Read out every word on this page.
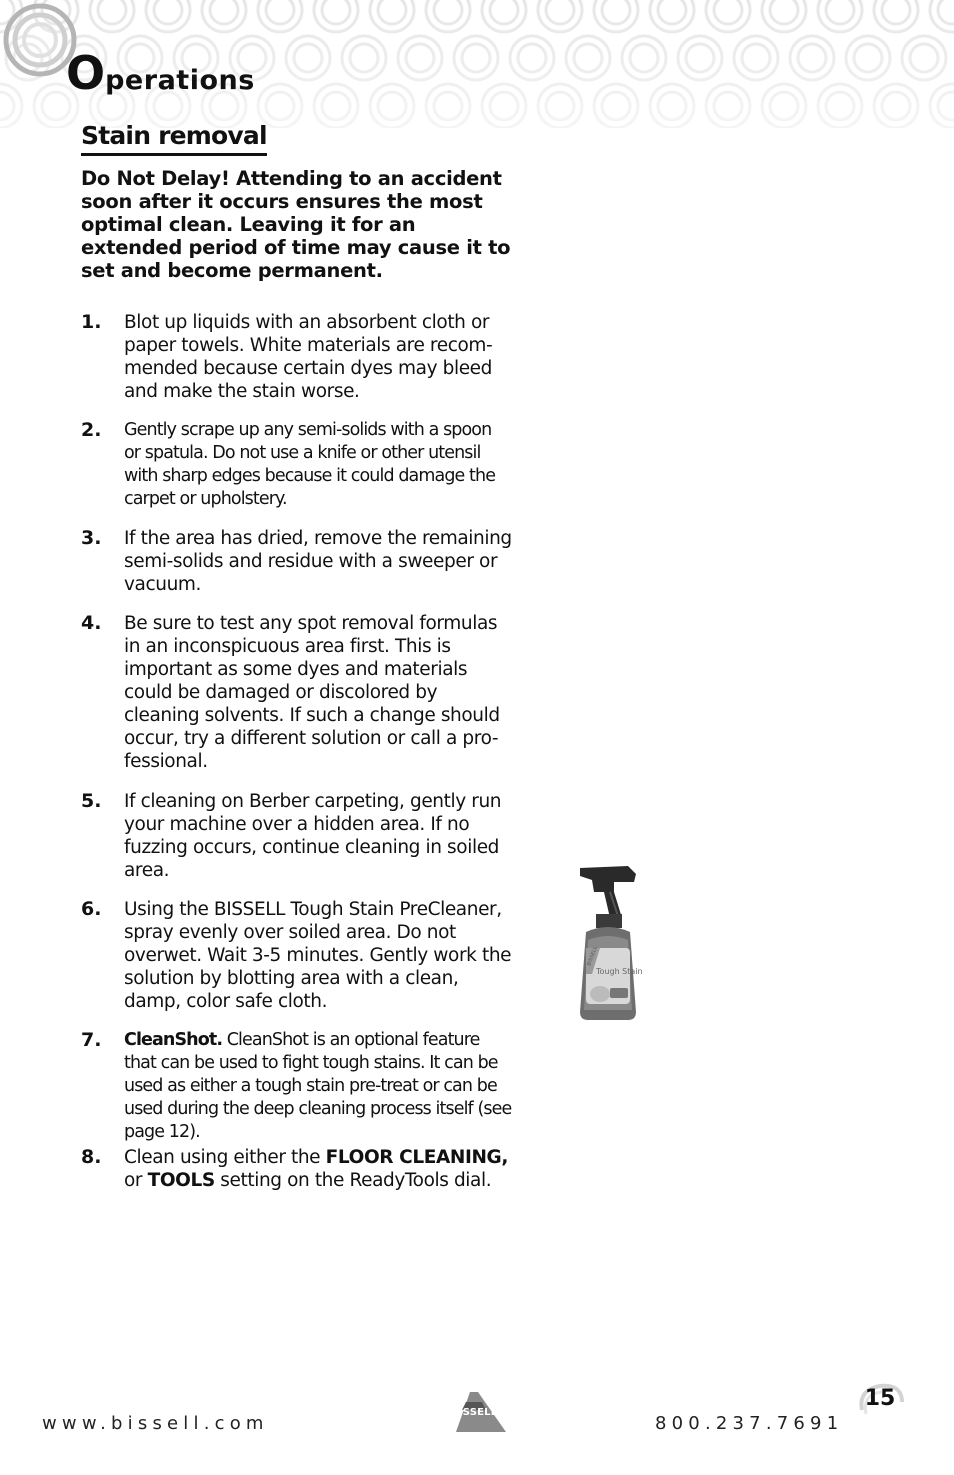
O perations
Stain removal

Do Not Delay! Attending to an accident soon after it occurs ensures the most optimal clean. Leaving it for an extended period of time may cause it to set and become permanent.

1. Blot up liquids with an absorbent cloth or paper towels. White materials are recom-mended because certain dyes may bleed and make the stain worse.
2. Gently scrape up any semi-solids with a spoon or spatula. Do not use a knife or other utensil with sharp edges because it could damage the carpet or upholstery.
3. If the area has dried, remove the remaining semi-solids and residue with a sweeper or vacuum.
4. Be sure to test any spot removal formulas in an inconspicuous area first. This is important as some dyes and materials could be damaged or discolored by cleaning solvents. If such a change should occur, try a different solution or call a pro-fessional.
5. If cleaning on Berber carpeting, gently run your machine over a hidden area. If no fuzzing occurs, continue cleaning in soiled area.
6. Using the BISSELL Tough Stain PreCleaner, spray evenly over soiled area. Do not overwet. Wait 3-5 minutes. Gently work the solution by blotting area with a clean, damp, color safe cloth.
7. CleanShot. CleanShot is an optional feature that can be used to fight tough stains. It can be used as either a tough stain pre-treat or can be used during the deep cleaning process itself (see page 12).
8. Clean using either the FLOOR CLEANING, or TOOLS setting on the ReadyTools dial.
BISSELL
Tough Stain
www.bissell.com
BISSELL
800.237.7691
15
